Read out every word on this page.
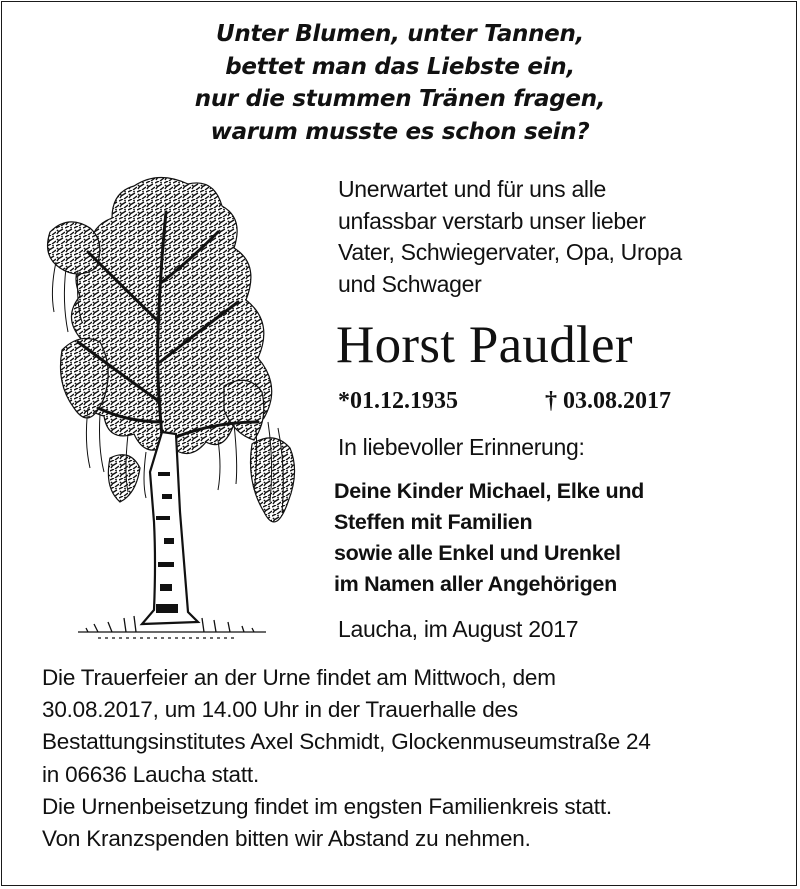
Unter Blumen, unter Tannen,
bettet man das Liebste ein,
nur die stummen Tränen fragen,
warum musste es schon sein?
Unerwartet und für uns alle
unfassbar verstarb unser lieber
Vater, Schwiegervater, Opa, Uropa
und Schwager
Horst Paudler
*01.12.1935	† 03.08.2017
In liebevoller Erinnerung:
Deine Kinder Michael, Elke und
Steffen mit Familien
sowie alle Enkel und Urenkel
im Namen aller Angehörigen
Laucha, im August 2017
Die Trauerfeier an der Urne findet am Mittwoch, dem
30.08.2017, um 14.00 Uhr in der Trauerhalle des
Bestattungsinstitutes Axel Schmidt, Glockenmuseumstraße 24
in 06636 Laucha statt.
Die Urnenbeisetzung findet im engsten Familienkreis statt.
Von Kranzspenden bitten wir Abstand zu nehmen.
